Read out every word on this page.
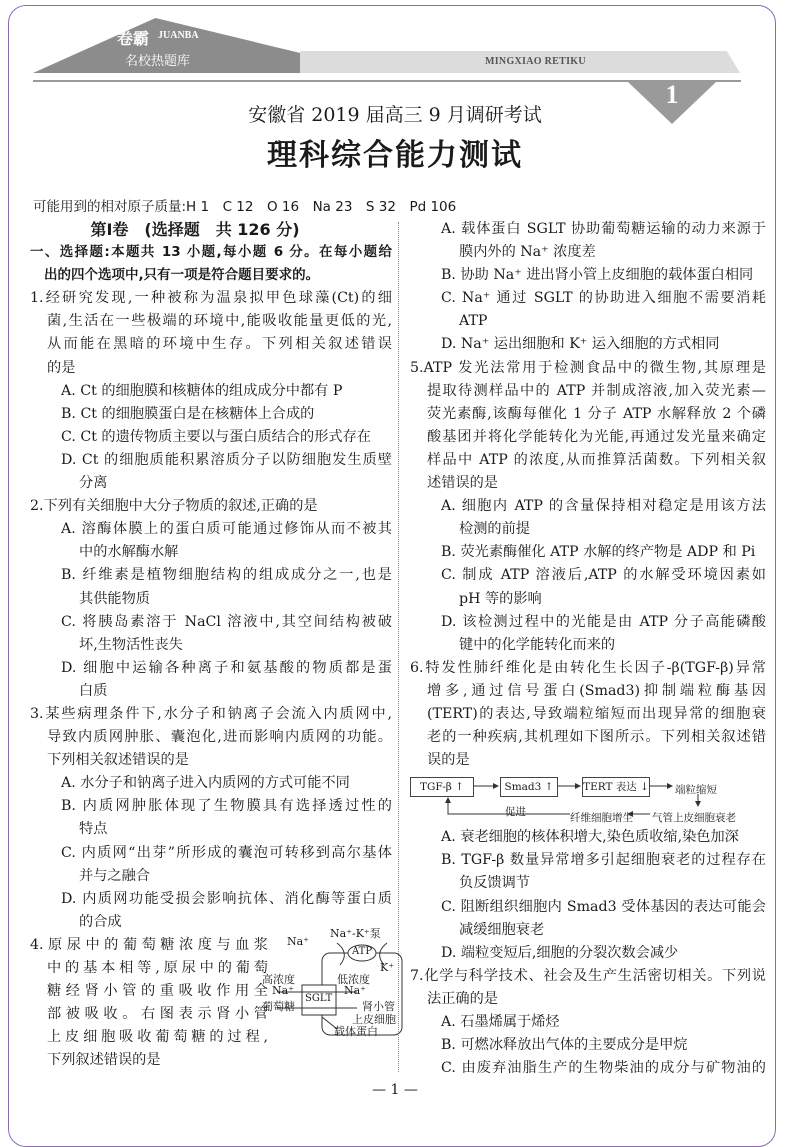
卷霸 JUANBA
名校热题库	MINGXIAO RETIKU
1
安徽省 2019 届高三 9 月调研考试
理科综合能力测试
可能用到的相对原子质量:H 1　C 12　O 16　Na 23　S 32　Pd 106
第Ⅰ卷　(选择题　共 126 分)
一、选择题:本题共 13 小题,每小题 6 分。在每小题给
出的四个选项中,只有一项是符合题目要求的。
1.经研究发现,一种被称为温泉拟甲色球藻(Ct)的细
菌,生活在一些极端的环境中,能吸收能量更低的光,
从而能在黑暗的环境中生存。下列相关叙述错误
的是
A. Ct 的细胞膜和核糖体的组成成分中都有 P
B. Ct 的细胞膜蛋白是在核糖体上合成的
C. Ct 的遗传物质主要以与蛋白质结合的形式存在
D. Ct 的细胞质能积累溶质分子以防细胞发生质壁
分离
2.下列有关细胞中大分子物质的叙述,正确的是
A. 溶酶体膜上的蛋白质可能通过修饰从而不被其
中的水解酶水解
B. 纤维素是植物细胞结构的组成成分之一,也是
其供能物质
C. 将胰岛素溶于 NaCl 溶液中,其空间结构被破
坏,生物活性丧失
D. 细胞中运输各种离子和氨基酸的物质都是蛋
白质
3.某些病理条件下,水分子和钠离子会流入内质网中,
导致内质网肿胀、囊泡化,进而影响内质网的功能。
下列相关叙述错误的是
A. 水分子和钠离子进入内质网的方式可能不同
B. 内质网肿胀体现了生物膜具有选择透过性的
特点
C. 内质网“出芽”所形成的囊泡可转移到高尔基体
并与之融合
D. 内质网功能受损会影响抗体、消化酶等蛋白质
的合成
4.原尿中的葡萄糖浓度与血浆
中的基本相等,原尿中的葡萄
糖经肾小管的重吸收作用全
部被吸收。右图表示肾小管
上皮细胞吸收葡萄糖的过程,
下列叙述错误的是
A. 载体蛋白 SGLT 协助葡萄糖运输的动力来源于
膜内外的 Na⁺ 浓度差
B. 协助 Na⁺ 进出肾小管上皮细胞的载体蛋白相同
C. Na⁺ 通过 SGLT 的协助进入细胞不需要消耗
ATP
D. Na⁺ 运出细胞和 K⁺ 运入细胞的方式相同
5.ATP 发光法常用于检测食品中的微生物,其原理是
提取待测样品中的 ATP 并制成溶液,加入荧光素—
荧光素酶,该酶每催化 1 分子 ATP 水解释放 2 个磷
酸基团并将化学能转化为光能,再通过发光量来确定
样品中 ATP 的浓度,从而推算活菌数。下列相关叙
述错误的是
A. 细胞内 ATP 的含量保持相对稳定是用该方法
检测的前提
B. 荧光素酶催化 ATP 水解的终产物是 ADP 和 Pi
C. 制成 ATP 溶液后,ATP 的水解受环境因素如
pH 等的影响
D. 该检测过程中的光能是由 ATP 分子高能磷酸
键中的化学能转化而来的
6.特发性肺纤维化是由转化生长因子-β(TGF-β)异常
增多,通过信号蛋白(Smad3)抑制端粒酶基因
(TERT)的表达,导致端粒缩短而出现异常的细胞衰
老的一种疾病,其机理如下图所示。下列相关叙述错
误的是
TGF-β ↑	Smad3 ↑	TERT 表达 ↓ 端粒缩短
气管上皮细胞衰老
纤维细胞增生
促进
A. 衰老细胞的核体积增大,染色质收缩,染色加深
B. TGF-β 数量异常增多引起细胞衰老的过程存在
负反馈调节
C. 阻断组织细胞内 Smad3 受体基因的表达可能会
减缓细胞衰老
D. 端粒变短后,细胞的分裂次数会减少
7.化学与科学技术、社会及生产生活密切相关。下列说
法正确的是
A. 石墨烯属于烯烃
B. 可燃冰释放出气体的主要成分是甲烷
C. 由废弃油脂生产的生物柴油的成分与矿物油的
Na⁺
Na⁺-K⁺泵
ATP
K⁺
高浓度
Na⁺
葡萄糖
SGLT
低浓度
Na⁺
肾小管
上皮细胞
载体蛋白
— 1 —
